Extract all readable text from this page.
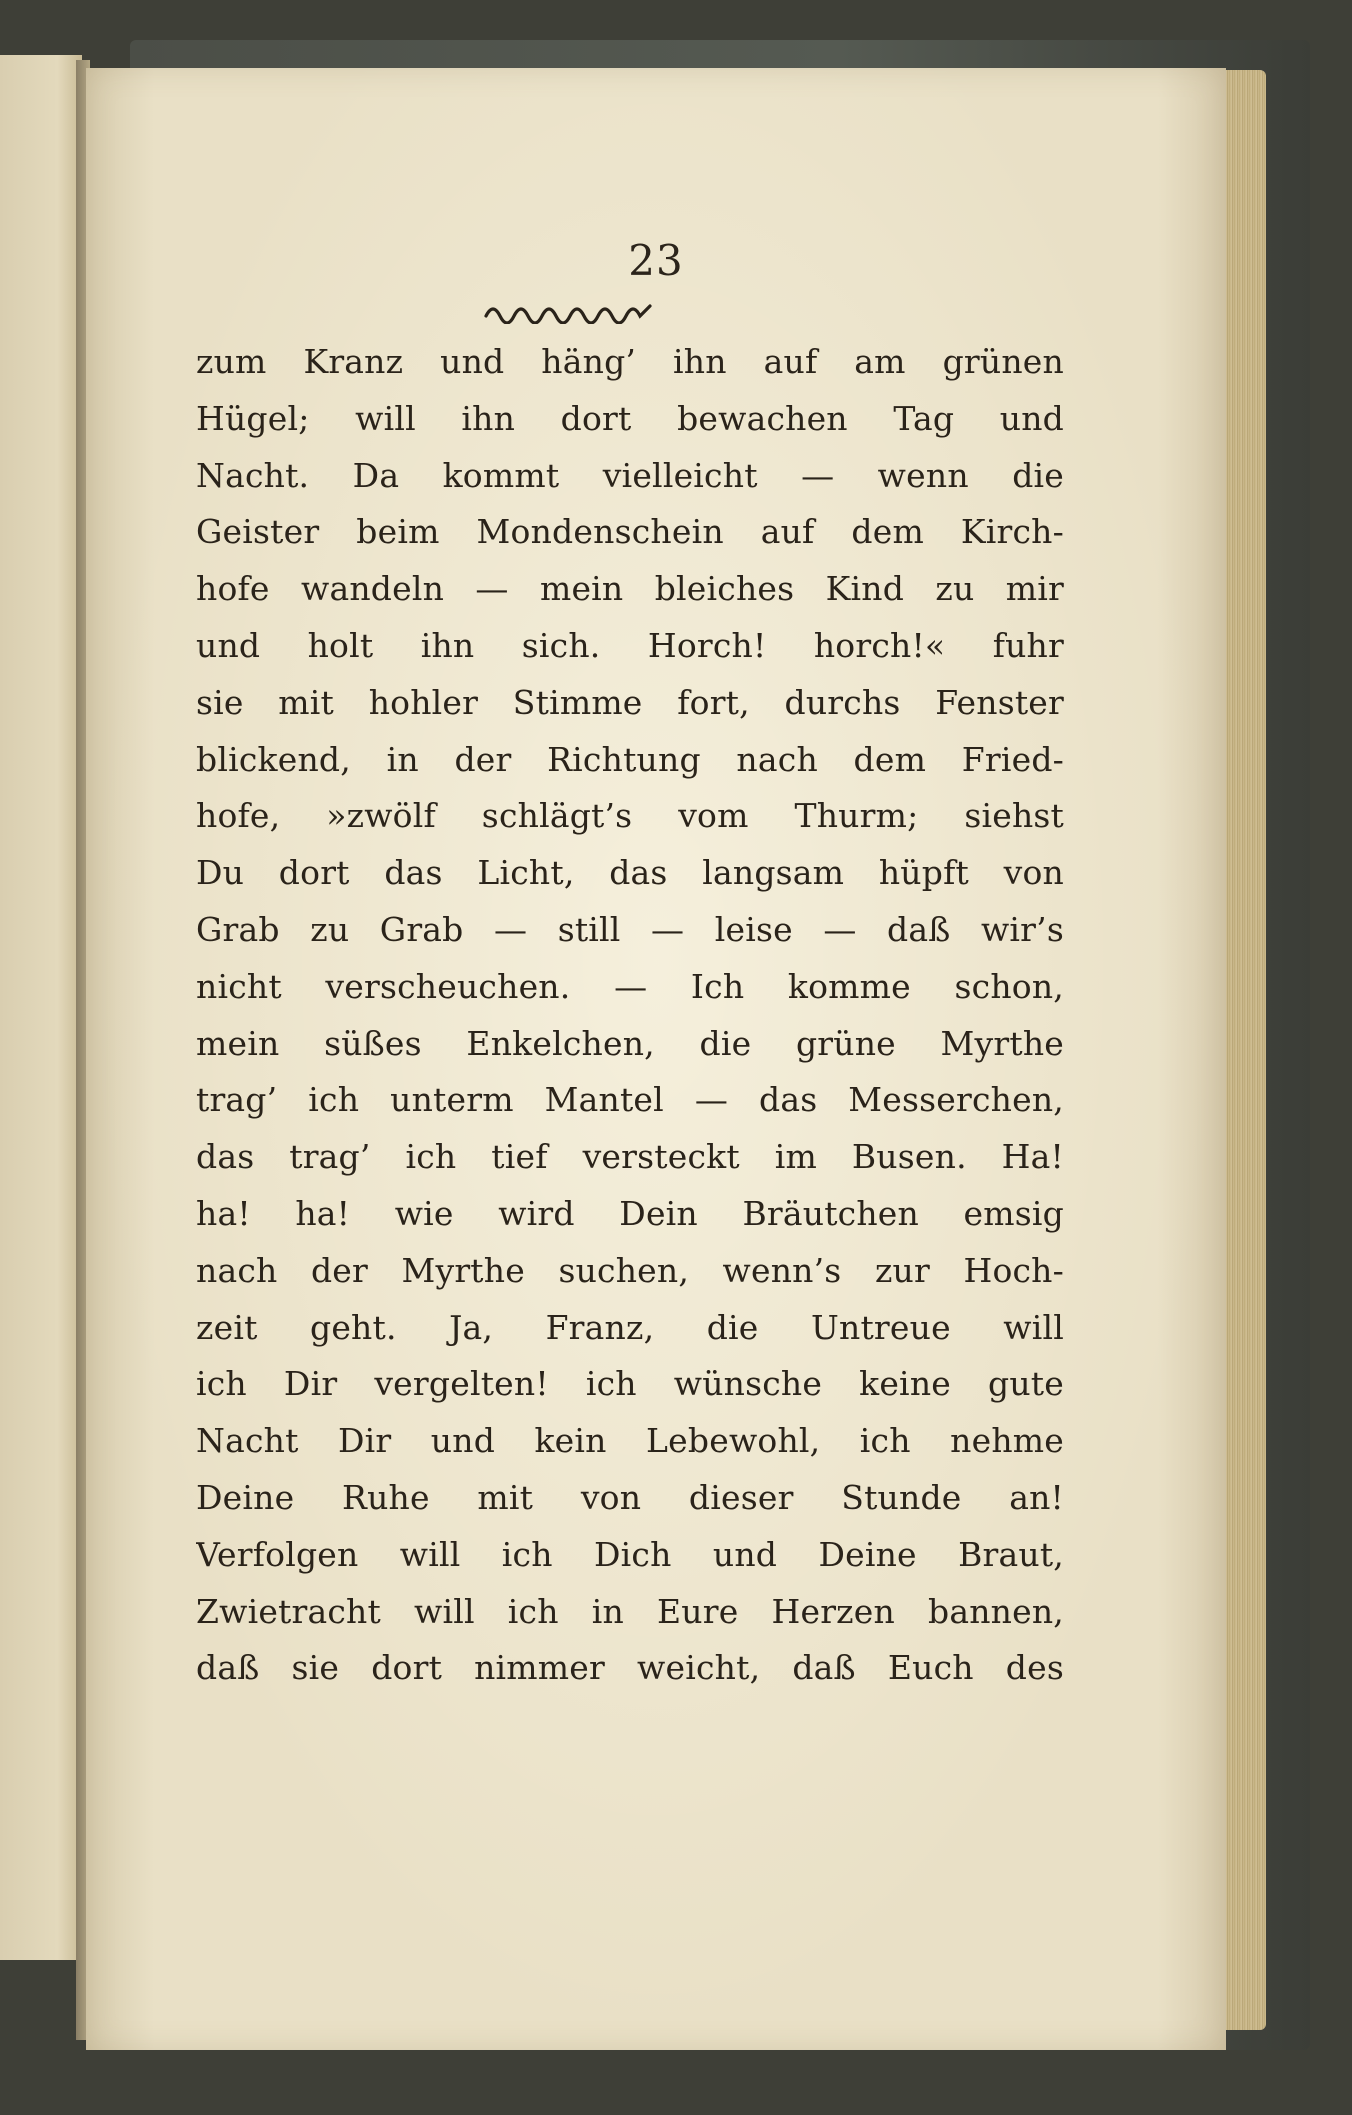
23
zum Kranz und häng’ ihn auf am grünen
Hügel; will ihn dort bewachen Tag und
Nacht. Da kommt vielleicht — wenn die
Geister beim Mondenschein auf dem Kirch-
hofe wandeln — mein bleiches Kind zu mir
und holt ihn sich. Horch! horch!« fuhr
sie mit hohler Stimme fort, durchs Fenster
blickend, in der Richtung nach dem Fried-
hofe, »zwölf schlägt’s vom Thurm; siehst
Du dort das Licht, das langsam hüpft von
Grab zu Grab — still — leise — daß wir’s
nicht verscheuchen. — Ich komme schon,
mein süßes Enkelchen, die grüne Myrthe
trag’ ich unterm Mantel — das Messerchen,
das trag’ ich tief versteckt im Busen. Ha!
ha! ha! wie wird Dein Bräutchen emsig
nach der Myrthe suchen, wenn’s zur Hoch-
zeit geht. Ja, Franz, die Untreue will
ich Dir vergelten! ich wünsche keine gute
Nacht Dir und kein Lebewohl, ich nehme
Deine Ruhe mit von dieser Stunde an!
Verfolgen will ich Dich und Deine Braut,
Zwietracht will ich in Eure Herzen bannen,
daß sie dort nimmer weicht, daß Euch des
